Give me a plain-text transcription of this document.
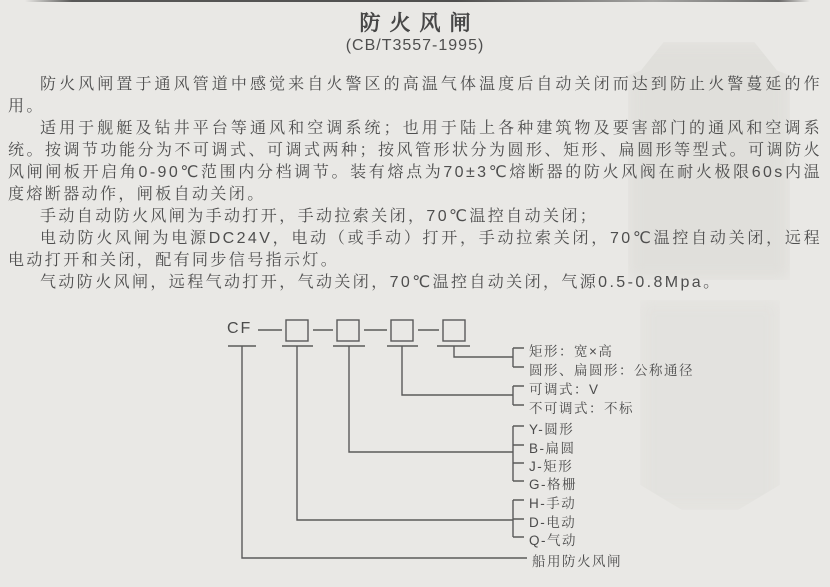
防火风闸
(CB/T3557-1995)

防火风闸置于通风管道中感觉来自火警区的高温气体温度后自动关闭而达到防止火警蔓延的作用。

适用于舰艇及钻井平台等通风和空调系统；也用于陆上各种建筑物及要害部门的通风和空调系统。按调节功能分为不可调式、可调式两种；按风管形状分为圆形、矩形、扁圆形等型式。可调防火风闸闸板开启角0-90℃范围内分档调节。装有熔点为70±3℃熔断器的防火风阀在耐火极限60s内温度熔断器动作，闸板自动关闭。

手动自动防火风闸为手动打开，手动拉索关闭，70℃温控自动关闭；

电动防火风闸为电源DC24V，电动（或手动）打开，手动拉索关闭，70℃温控自动关闭，远程电动打开和关闭，配有同步信号指示灯。

气动防火风闸，远程气动打开，气动关闭，70℃温控自动关闭，气源0.5-0.8Mpa。

CF
矩形：宽×高
圆形、扁圆形：公称通径
可调式：V
不可调式：不标
Y-圆形
B-扁圆
J-矩形
G-格栅
H-手动
D-电动
Q-气动
船用防火风闸
